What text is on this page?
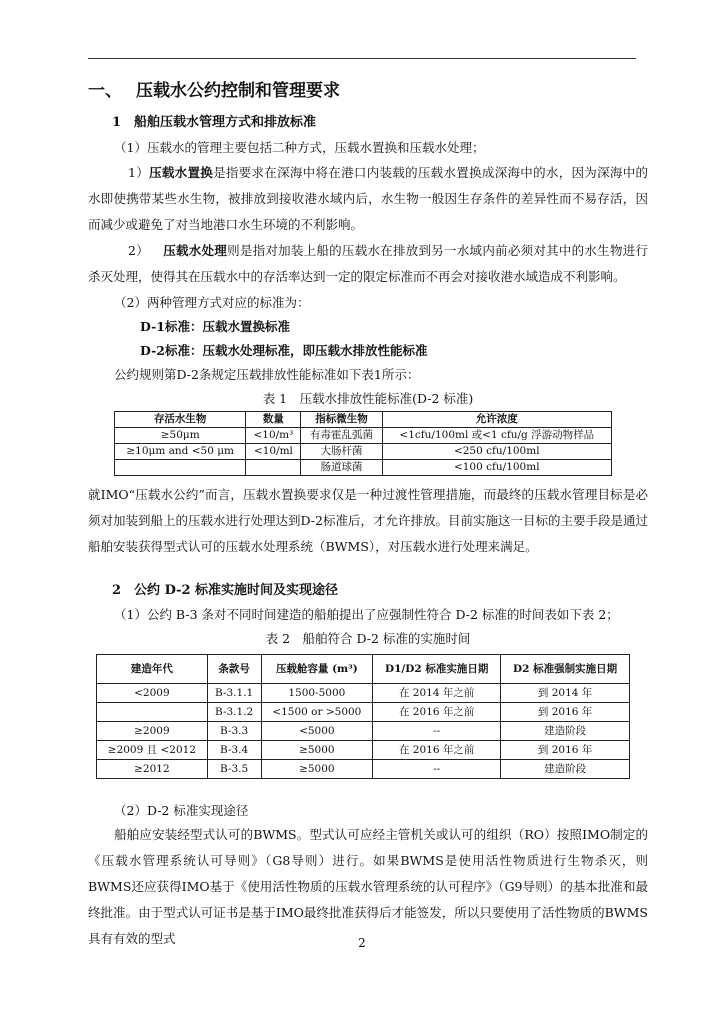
一、 压载水公约控制和管理要求
1　船舶压载水管理方式和排放标准
（1）压载水的管理主要包括二种方式，压载水置换和压载水处理；
1）压载水置换是指要求在深海中将在港口内装载的压载水置换成深海中的水，因为深海中的水即使携带某些水生物，被排放到接收港水域内后，水生物一般因生存条件的差异性而不易存活，因而减少或避免了对当地港口水生环境的不利影响。
2） 压载水处理则是指对加装上船的压载水在排放到另一水域内前必须对其中的水生物进行杀灭处理，使得其在压载水中的存活率达到一定的限定标准而不再会对接收港水域造成不利影响。
（2）两种管理方式对应的标准为：
D-1标准：压载水置换标准
D-2标准：压载水处理标准，即压载水排放性能标准
公约规则第D-2条规定压载排放性能标准如下表1所示：
表 1　压载水排放性能标准(D-2 标准)
存活水生物	数量	指标微生物	允许浓度
≥50μm	<10/m³	有毒霍乱弧菌	<1cfu/100ml 或<1 cfu/g 浮游动物样品
≥10μm and <50 μm	<10/ml	大肠杆菌	<250 cfu/100ml
		肠道球菌	<100 cfu/100ml
就IMO“压载水公约”而言，压载水置换要求仅是一种过渡性管理措施，而最终的压载水管理目标是必须对加装到船上的压载水进行处理达到D-2标准后，才允许排放。目前实施这一目标的主要手段是通过船舶安装获得型式认可的压载水处理系统（BWMS），对压载水进行处理来满足。
2　公约 D-2 标准实施时间及实现途径
（1）公约 B-3 条对不同时间建造的船舶提出了应强制性符合 D-2 标准的时间表如下表 2；
表 2　船舶符合 D-2 标准的实施时间
建造年代	条款号	压载舱容量 (m³)	D1/D2 标准实施日期	D2 标准强制实施日期
<2009	B-3.1.1	1500-5000	在 2014 年之前	到 2014 年
	B-3.1.2	<1500 or >5000	在 2016 年之前	到 2016 年
≥2009	B-3.3	<5000	--	建造阶段
≥2009 且 <2012	B-3.4	≥5000	在 2016 年之前	到 2016 年
≥2012	B-3.5	≥5000	--	建造阶段
（2）D-2 标准实现途径
船舶应安装经型式认可的BWMS。型式认可应经主管机关或认可的组织（RO）按照IMO制定的《压载水管理系统认可导则》（G8导则）进行。如果BWMS是使用活性物质进行生物杀灭，则BWMS还应获得IMO基于《使用活性物质的压载水管理系统的认可程序》（G9导则）的基本批准和最终批准。由于型式认可证书是基于IMO最终批准获得后才能签发，所以只要使用了活性物质的BWMS具有有效的型式	2
